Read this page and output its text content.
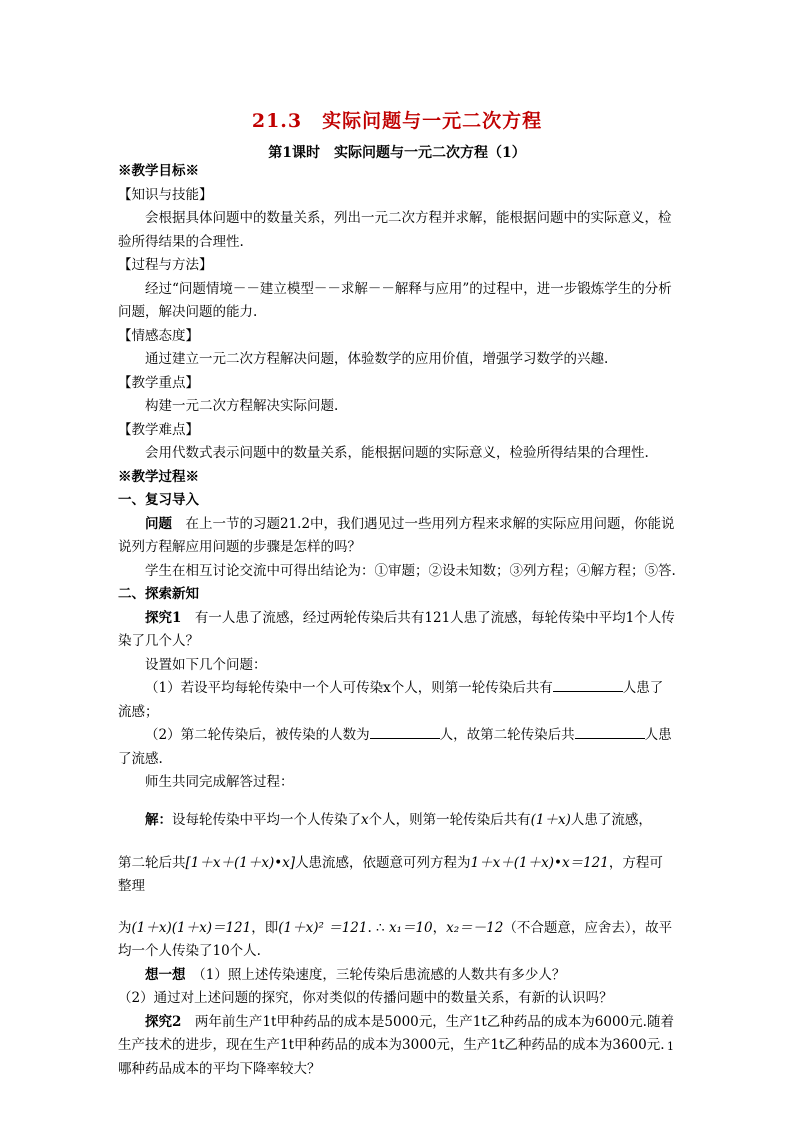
21.3　实际问题与一元二次方程
第1课时　实际问题与一元二次方程（1）

※教学目标※

【知识与技能】

会根据具体问题中的数量关系，列出一元二次方程并求解，能根据问题中的实际意义，检验所得结果的合理性.

【过程与方法】

经过“问题情境－－建立模型－－求解－－解释与应用”的过程中，进一步锻炼学生的分析问题，解决问题的能力.

【情感态度】

通过建立一元二次方程解决问题，体验数学的应用价值，增强学习数学的兴趣.

【教学重点】

构建一元二次方程解决实际问题.

【教学难点】

会用代数式表示问题中的数量关系，能根据问题的实际意义，检验所得结果的合理性.

※教学过程※

一、复习导入

问题　 在上一节的习题21.2中，我们遇见过一些用列方程来求解的实际应用问题，你能说说列方程解应用问题的步骤是怎样的吗？

学生在相互讨论交流中可得出结论为：①审题；②设未知数；③列方程；④解方程；⑤答.

二、探索新知

探究1　 有一人患了流感，经过两轮传染后共有121人患了流感，每轮传染中平均1个人传染了几个人？

设置如下几个问题：

（1）若设平均每轮传染中一个人可传染x个人，则第一轮传染后共有	人患了流感；

（2）第二轮传染后，被传染的人数为	人，故第二轮传染后共	人患了流感.

师生共同完成解答过程：

解：设每轮传染中平均一个人传染了x个人，则第一轮传染后共有(1＋x)人患了流感，

第二轮后共[1＋x＋(1＋x)•x]人患流感，依题意可列方程为1＋x＋(1＋x)•x＝121，方程可整理

为(1＋x)(1＋x)＝121，即(1＋x)² ＝121. ∴ x₁＝10，x₂＝－12（不合题意，应舍去），故平均一个人传染了10个人.

想一想　 （1）照上述传染速度，三轮传染后患流感的人数共有多少人？

（2）通过对上述问题的探究，你对类似的传播问题中的数量关系，有新的认识吗？

探究2　 两年前生产1t甲种药品的成本是5000元，生产1t乙种药品的成本为6000元.随着生产技术的进步，现在生产1t甲种药品的成本为3000元，生产1t乙种药品的成本为3600元.哪种药品成本的平均下降率较大？

1
